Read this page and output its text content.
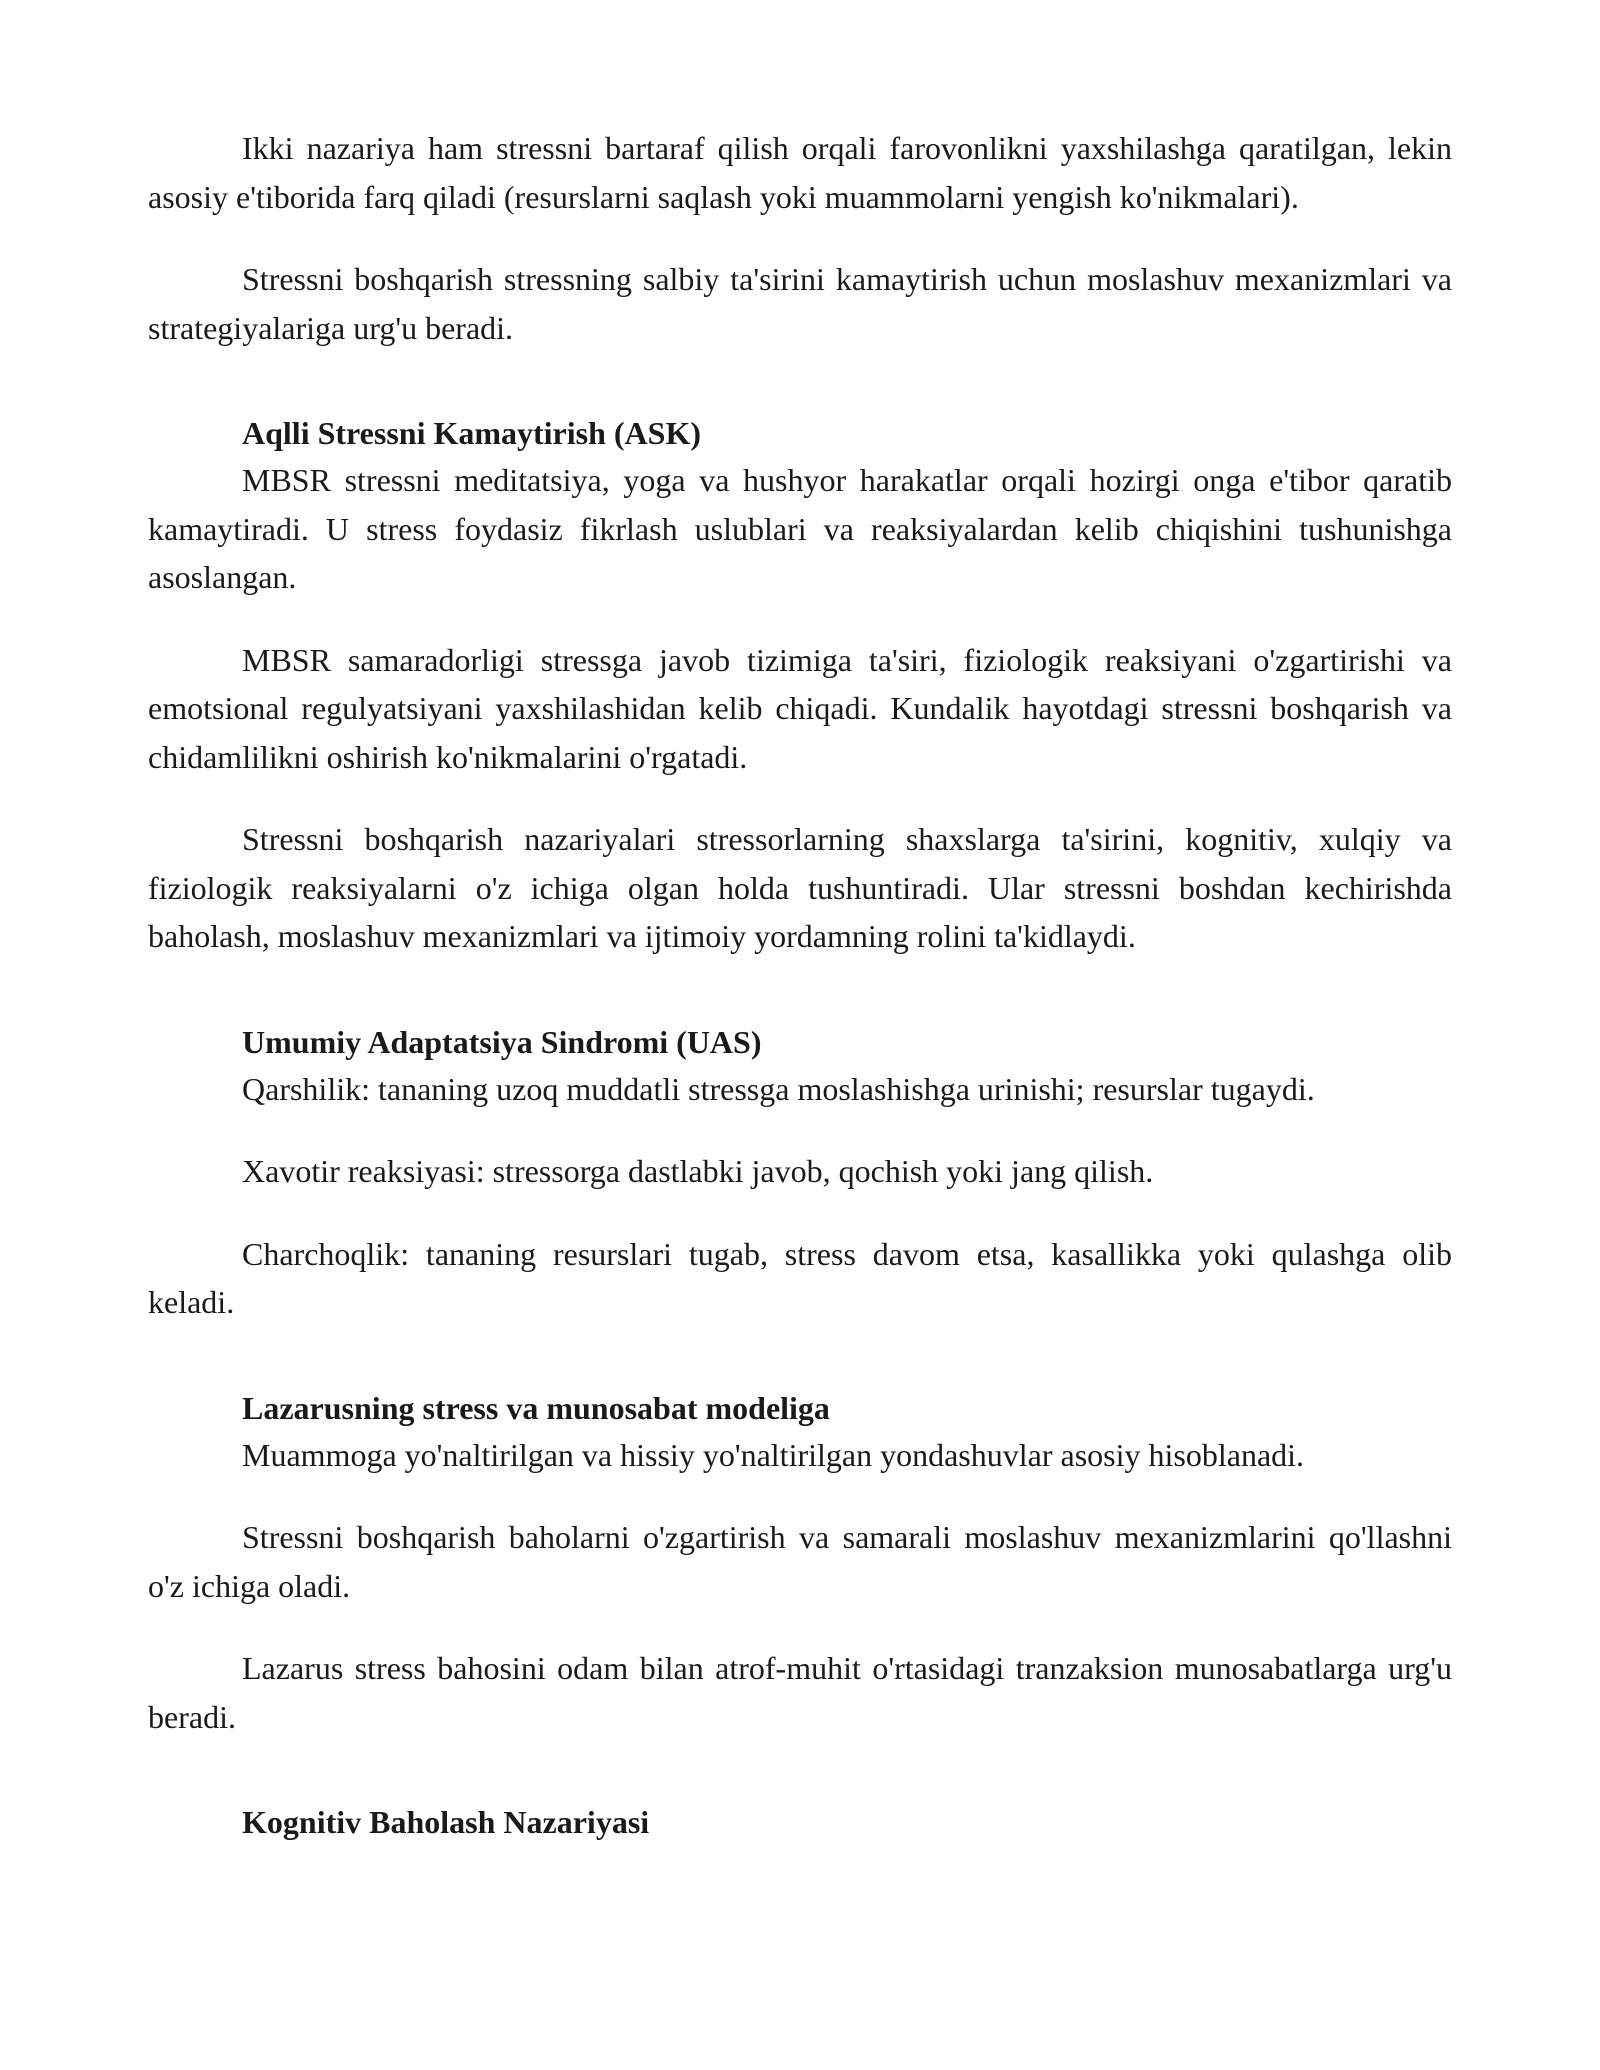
Ikki nazariya ham stressni bartaraf qilish orqali farovonlikni yaxshilashga qaratilgan, lekin asosiy e'tiborida farq qiladi (resurslarni saqlash yoki muammolarni yengish ko'nikmalari).

Stressni boshqarish stressning salbiy ta'sirini kamaytirish uchun moslashuv mexanizmlari va strategiyalariga urg'u beradi.

Aqlli Stressni Kamaytirish (ASK)

MBSR stressni meditatsiya, yoga va hushyor harakatlar orqali hozirgi onga e'tibor qaratib kamaytiradi. U stress foydasiz fikrlash uslublari va reaksiyalardan kelib chiqishini tushunishga asoslangan.

MBSR samaradorligi stressga javob tizimiga ta'siri, fiziologik reaksiyani o'zgartirishi va emotsional regulyatsiyani yaxshilashidan kelib chiqadi. Kundalik hayotdagi stressni boshqarish va chidamlilikni oshirish ko'nikmalarini o'rgatadi.

Stressni boshqarish nazariyalari stressorlarning shaxslarga ta'sirini, kognitiv, xulqiy va fiziologik reaksiyalarni o'z ichiga olgan holda tushuntiradi. Ular stressni boshdan kechirishda baholash, moslashuv mexanizmlari va ijtimoiy yordamning rolini ta'kidlaydi.

Umumiy Adaptatsiya Sindromi (UAS)

Qarshilik: tananing uzoq muddatli stressga moslashishga urinishi; resurslar tugaydi.

Xavotir reaksiyasi: stressorga dastlabki javob, qochish yoki jang qilish.

Charchoqlik: tananing resurslari tugab, stress davom etsa, kasallikka yoki qulashga olib keladi.

Lazarusning stress va munosabat modeliga

Muammoga yo'naltirilgan va hissiy yo'naltirilgan yondashuvlar asosiy hisoblanadi.

Stressni boshqarish baholarni o'zgartirish va samarali moslashuv mexanizmlarini qo'llashni o'z ichiga oladi.

Lazarus stress bahosini odam bilan atrof-muhit o'rtasidagi tranzaksion munosabatlarga urg'u beradi.

Kognitiv Baholash Nazariyasi
